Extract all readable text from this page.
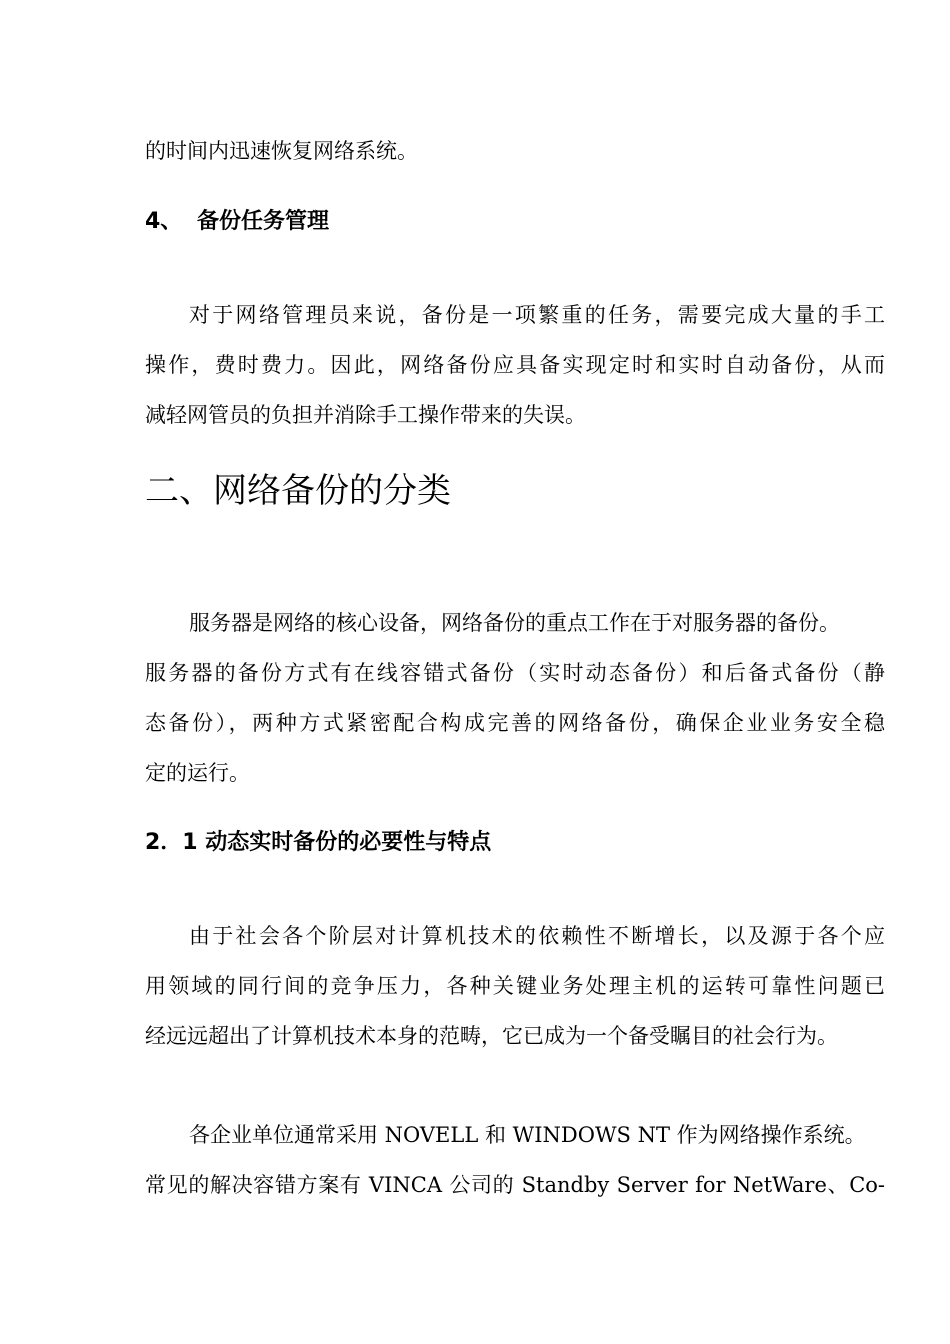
的时间内迅速恢复网络系统。
4、 备份任务管理
对于网络管理员来说，备份是一项繁重的任务，需要完成大量的手工
操作，费时费力。因此，网络备份应具备实现定时和实时自动备份，从而
减轻网管员的负担并消除手工操作带来的失误。
二、网络备份的分类
服务器是网络的核心设备，网络备份的重点工作在于对服务器的备份。
服务器的备份方式有在线容错式备份（实时动态备份）和后备式备份（静
态备份），两种方式紧密配合构成完善的网络备份，确保企业业务安全稳
定的运行。
2．1 动态实时备份的必要性与特点
由于社会各个阶层对计算机技术的依赖性不断增长，以及源于各个应
用领域的同行间的竞争压力，各种关键业务处理主机的运转可靠性问题已
经远远超出了计算机技术本身的范畴，它已成为一个备受瞩目的社会行为。
各企业单位通常采用 NOVELL 和 WINDOWS NT 作为网络操作系统。
常见的解决容错方案有 VINCA 公司的 Standby Server for NetWare、Co-
